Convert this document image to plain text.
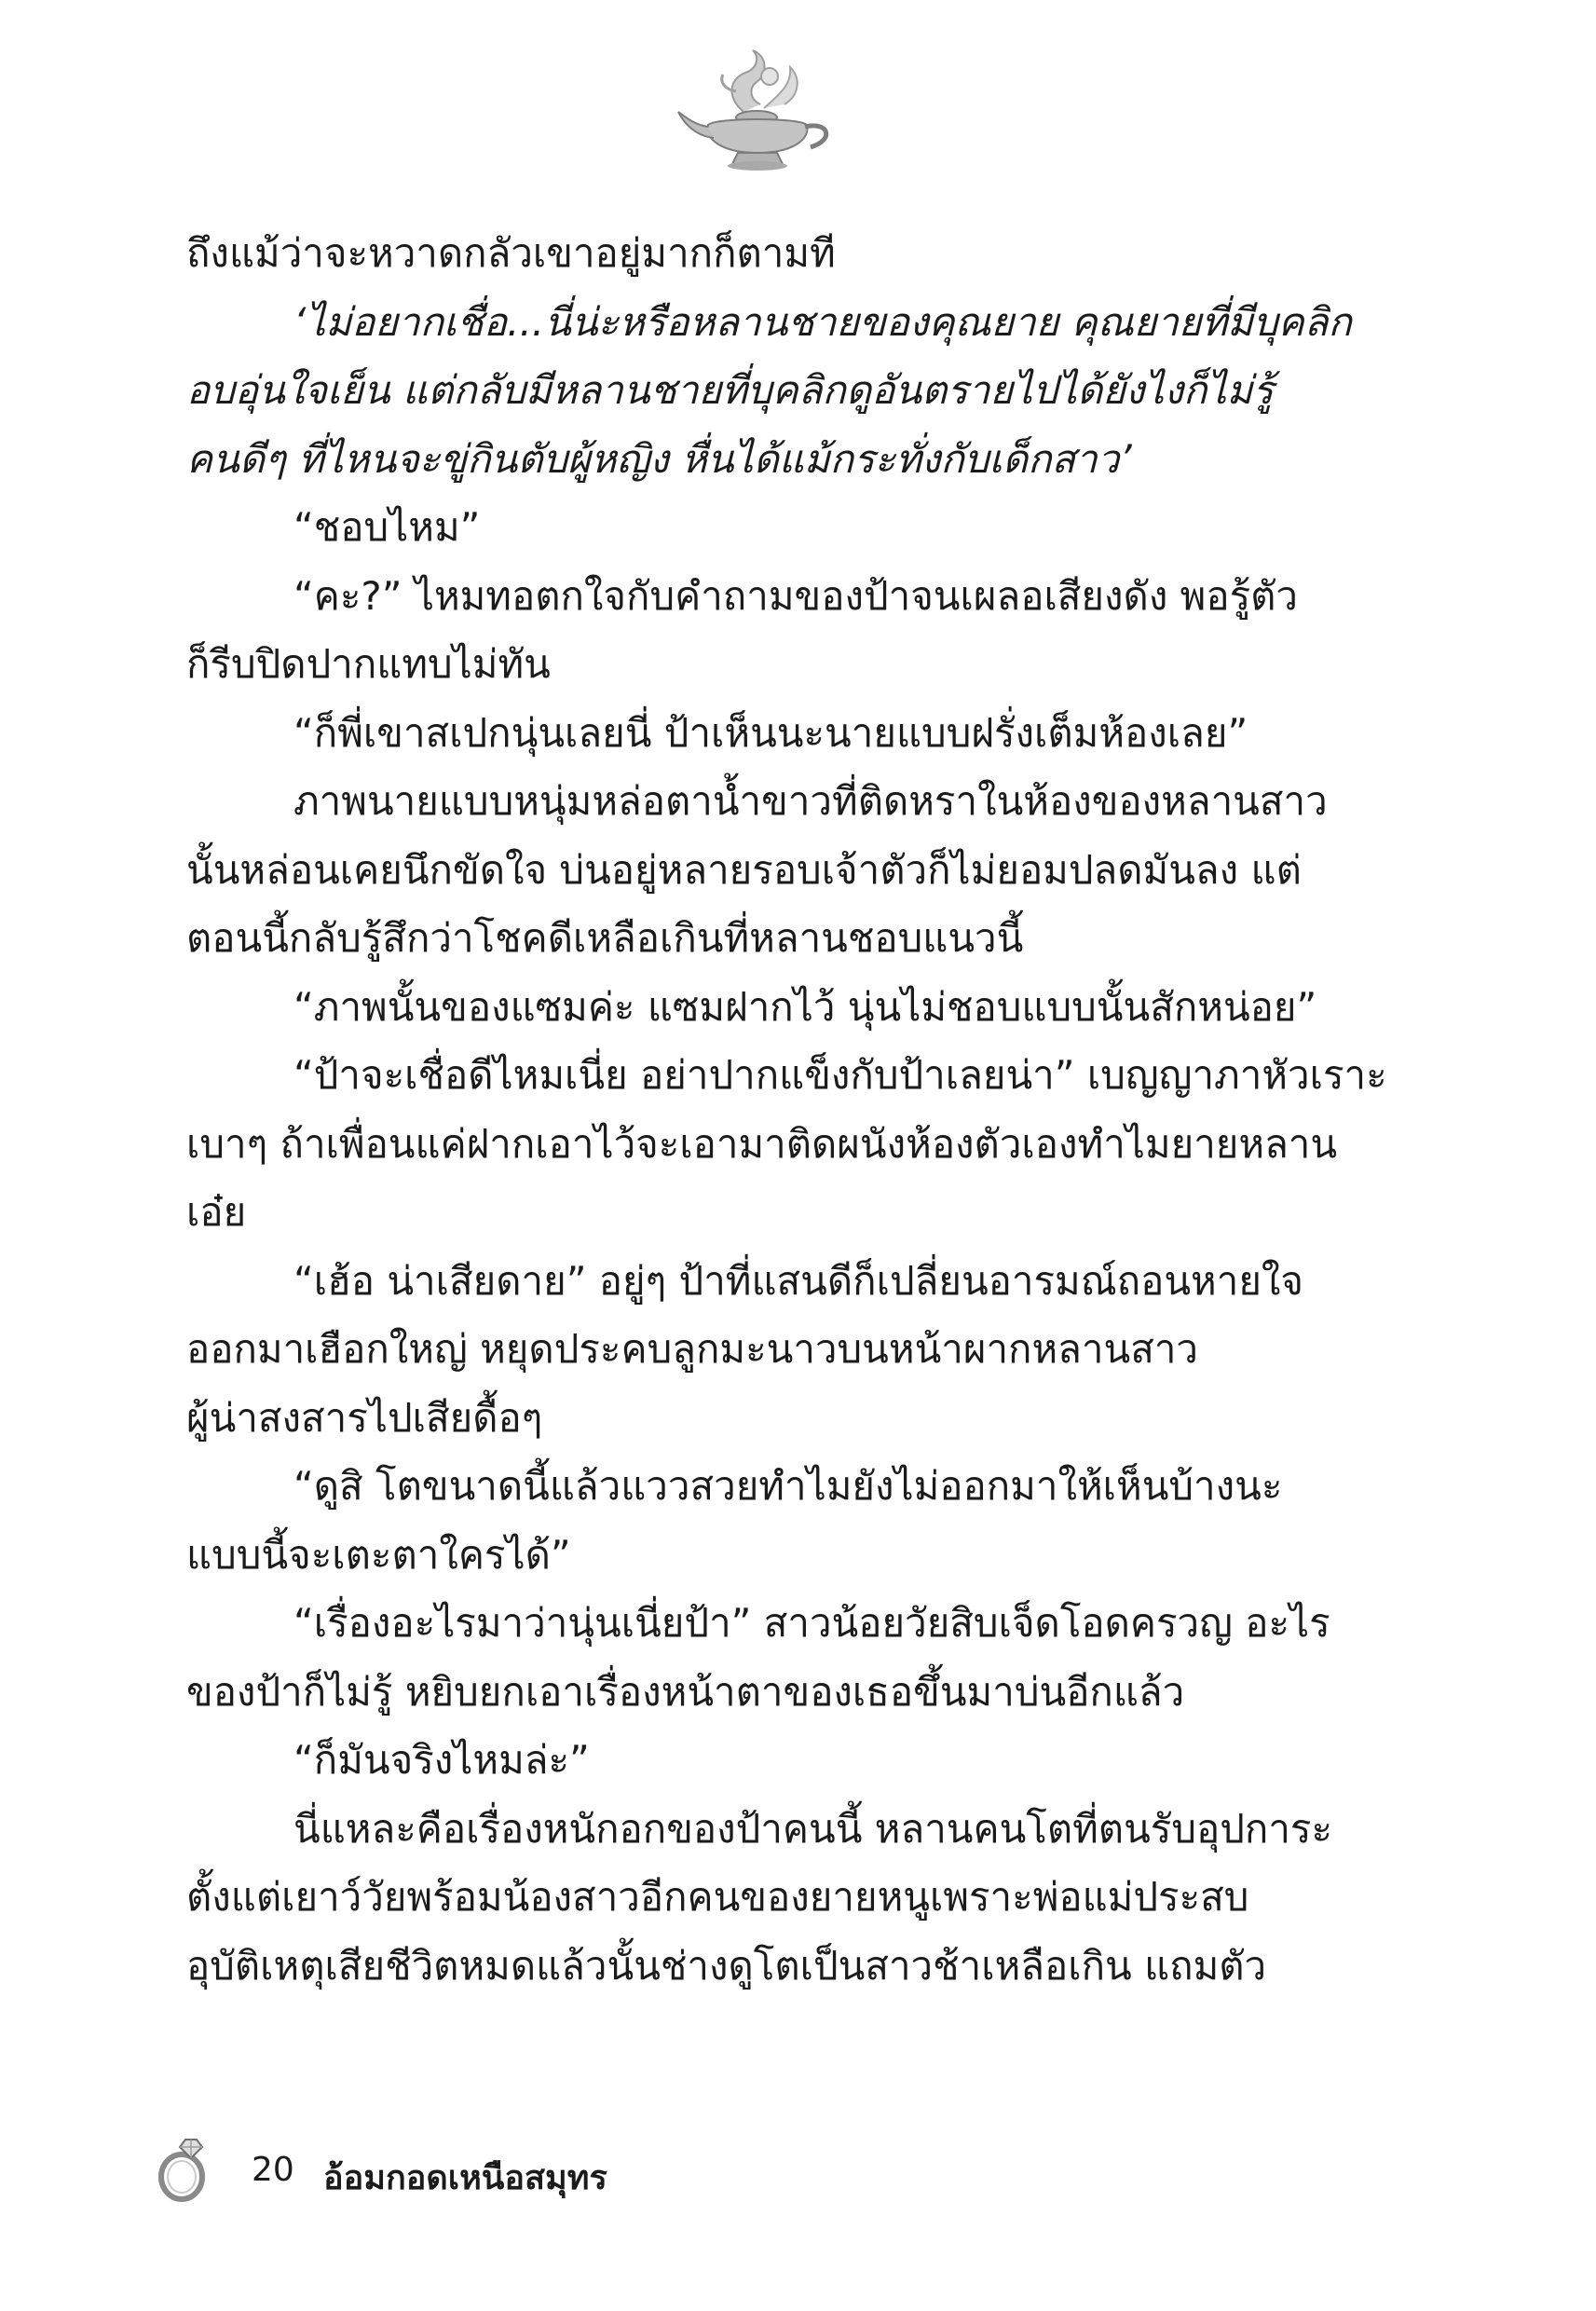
ถึงแม้ว่าจะหวาดกลัวเขาอยู่มากก็ตามที
‘ไม่อยากเชื่อ...นี่น่ะหรือหลานชายของคุณยาย คุณยายที่มีบุคลิก
อบอุ่นใจเย็น แต่กลับมีหลานชายที่บุคลิกดูอันตรายไปได้ยังไงก็ไม่รู้
คนดีๆ ที่ไหนจะขู่กินตับผู้หญิง หื่นได้แม้กระทั่งกับเด็กสาว’
“ชอบไหม”
“คะ?” ไหมทอตกใจกับคำถามของป้าจนเผลอเสียงดัง พอรู้ตัว
ก็รีบปิดปากแทบไม่ทัน
“ก็พี่เขาสเปกนุ่นเลยนี่ ป้าเห็นนะนายแบบฝรั่งเต็มห้องเลย”
ภาพนายแบบหนุ่มหล่อตาน้ำขาวที่ติดหราในห้องของหลานสาว
นั้นหล่อนเคยนึกขัดใจ บ่นอยู่หลายรอบเจ้าตัวก็ไม่ยอมปลดมันลง แต่
ตอนนี้กลับรู้สึกว่าโชคดีเหลือเกินที่หลานชอบแนวนี้
“ภาพนั้นของแซมค่ะ แซมฝากไว้ นุ่นไม่ชอบแบบนั้นสักหน่อย”
“ป้าจะเชื่อดีไหมเนี่ย อย่าปากแข็งกับป้าเลยน่า” เบญญาภาหัวเราะ
เบาๆ ถ้าเพื่อนแค่ฝากเอาไว้จะเอามาติดผนังห้องตัวเองทำไมยายหลาน
เอ๋ย
“เฮ้อ น่าเสียดาย” อยู่ๆ ป้าที่แสนดีก็เปลี่ยนอารมณ์ถอนหายใจ
ออกมาเฮือกใหญ่ หยุดประคบลูกมะนาวบนหน้าผากหลานสาว
ผู้น่าสงสารไปเสียดื้อๆ
“ดูสิ โตขนาดนี้แล้วแววสวยทำไมยังไม่ออกมาให้เห็นบ้างนะ
แบบนี้จะเตะตาใครได้”
“เรื่องอะไรมาว่านุ่นเนี่ยป้า” สาวน้อยวัยสิบเจ็ดโอดครวญ อะไร
ของป้าก็ไม่รู้ หยิบยกเอาเรื่องหน้าตาของเธอขึ้นมาบ่นอีกแล้ว
“ก็มันจริงไหมล่ะ”
นี่แหละคือเรื่องหนักอกของป้าคนนี้ หลานคนโตที่ตนรับอุปการะ
ตั้งแต่เยาว์วัยพร้อมน้องสาวอีกคนของยายหนูเพราะพ่อแม่ประสบ
อุบัติเหตุเสียชีวิตหมดแล้วนั้นช่างดูโตเป็นสาวช้าเหลือเกิน แถมตัว
20 อ้อมกอดเหนือสมุทร
